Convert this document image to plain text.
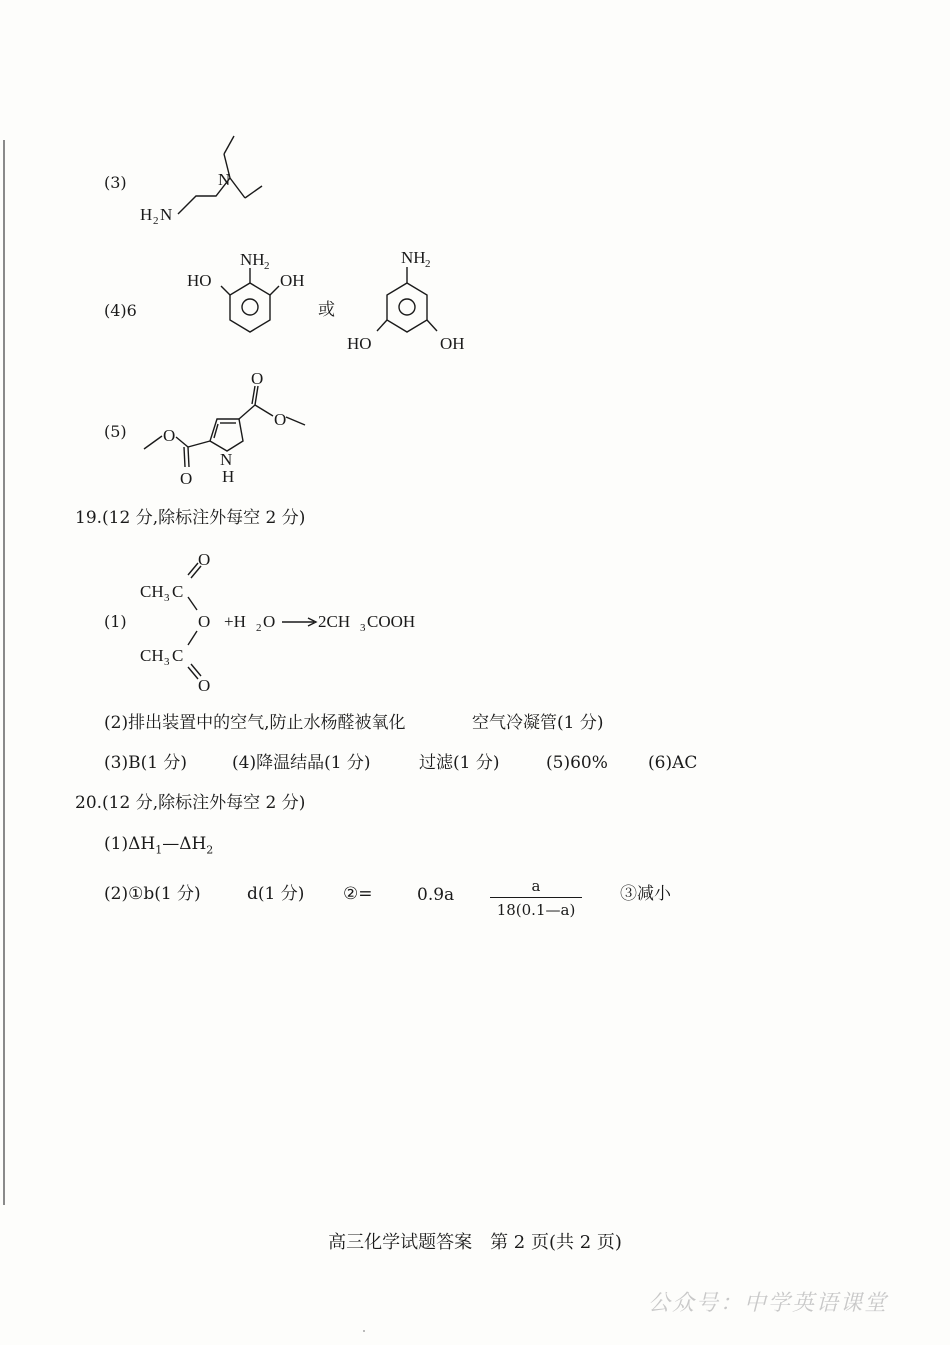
(3)	N
H 2 N
(4)6
NH 2
HO	OH
或
NH 2
HO	OH
(5)
O
O
O
O
N
H
19.(12 分,除标注外每空 2 分)
(1)
O
CH 3 C
O
CH 3 C
O
+H 2 O	2CH 3 COOH
(2)排出装置中的空气,防止水杨醛被氧化	空气冷凝管(1 分)
(3)B(1 分)	(4)降温结晶(1 分)	过滤(1 分)	(5)60% (6)AC
20.(12 分,除标注外每空 2 分)
$(1)\Delta H_1—\Delta H_2$
(2)①b(1 分)	d(1 分) ②=	0.9a	a
18(0.1—a)
③减小
高三化学试题答案　第 2 页(共 2 页)
公众号：中学英语课堂
